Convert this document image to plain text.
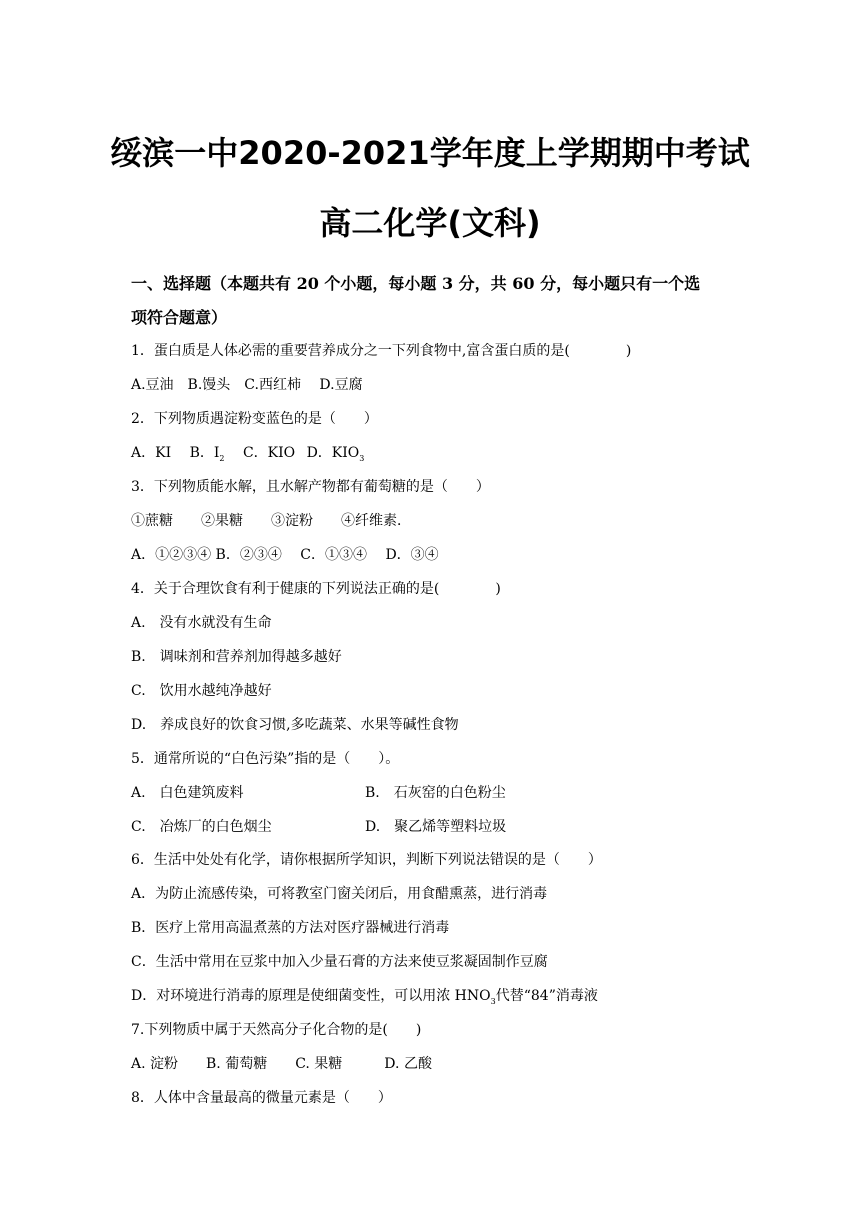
绥滨一中2020-2021学年度上学期期中考试
高二化学(文科)

一、选择题（本题共有 20 个小题，每小题 3 分，共 60 分，每小题只有一个选
项符合题意）

1．蛋白质是人体必需的重要营养成分之一下列食物中,富含蛋白质的是(　　　　)

A.豆油　B.馒头　C.西红柿　 D.豆腐

2．下列物质遇淀粉变蓝色的是（　　）

A．KI　 B．$I_2$　 C．KIO  D．$KIO_3$

3．下列物质能水解，且水解产物都有葡萄糖的是（　　）

①蔗糖　　②果糖　　③淀粉　　④纤维素．

A．①②③④ B．②③④　 C．①③④　 D．③④

4．关于合理饮食有利于健康的下列说法正确的是(　　　　)

A.　没有水就没有生命

B.　调味剂和营养剂加得越多越好

C.　饮用水越纯净越好

D.　养成良好的饮食习惯,多吃蔬菜、水果等碱性食物

5．通常所说的“白色污染”指的是（　　）。

A.　白色建筑废料	B.　石灰窑的白色粉尘
C.　冶炼厂的白色烟尘	D.　聚乙烯等塑料垃圾

6．生活中处处有化学，请你根据所学知识，判断下列说法错误的是（　　）

A．为防止流感传染，可将教室门窗关闭后，用食醋熏蒸，进行消毒

B．医疗上常用高温煮蒸的方法对医疗器械进行消毒

C．生活中常用在豆浆中加入少量石膏的方法来使豆浆凝固制作豆腐

D．对环境进行消毒的原理是使细菌变性，可以用浓 $HNO_3$代替“84”消毒液

7.下列物质中属于天然高分子化合物的是(　　)

A. 淀粉　　B. 葡萄糖　　C. 果糖　　　D. 乙酸

8．人体中含量最高的微量元素是（　　）
